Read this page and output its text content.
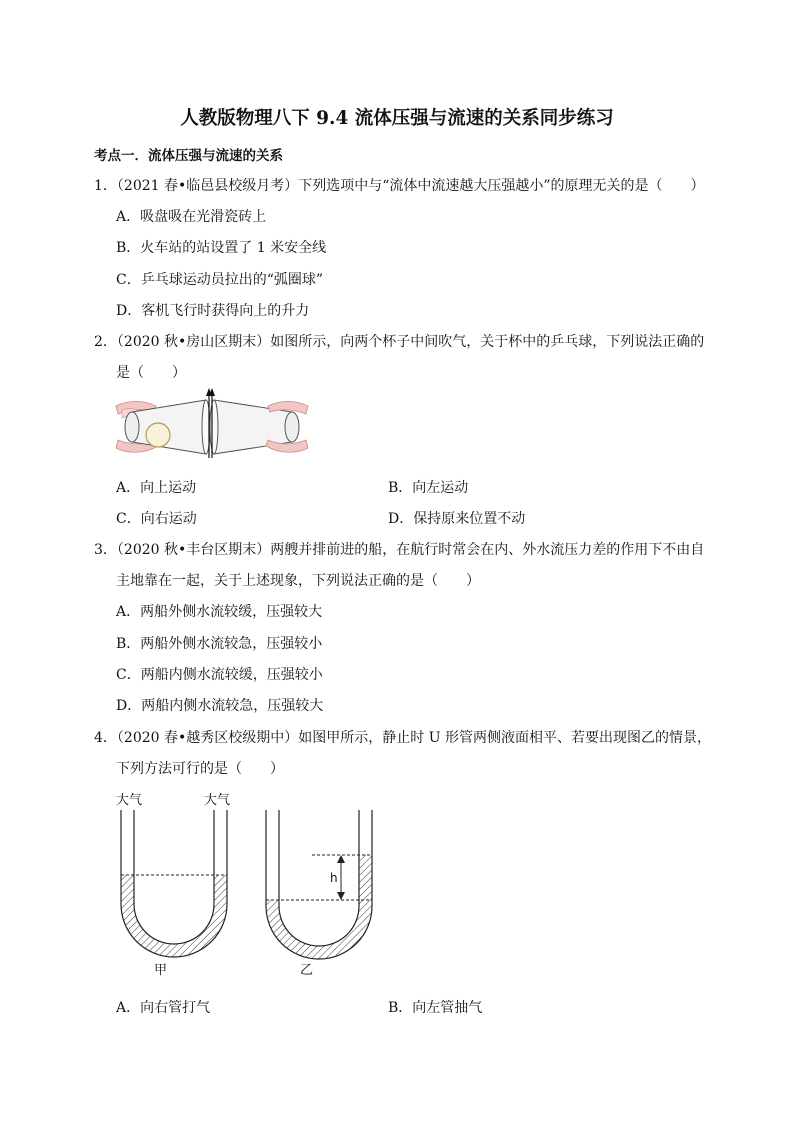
人教版物理八下 9.4 流体压强与流速的关系同步练习
考点一．流体压强与流速的关系
1．（2021 春•临邑县校级月考）下列选项中与“流体中流速越大压强越小”的原理无关的是（　　）
A．吸盘吸在光滑瓷砖上
B．火车站的站设置了 1 米安全线
C．乒乓球运动员拉出的“弧圈球”
D．客机飞行时获得向上的升力
2．（2020 秋•房山区期末）如图所示，向两个杯子中间吹气，关于杯中的乒乓球，下列说法正确的
是（　　）
A．向上运动	B．向左运动
C．向右运动	D．保持原来位置不动
3．（2020 秋•丰台区期末）两艘并排前进的船，在航行时常会在内、外水流压力差的作用下不由自
主地靠在一起，关于上述现象，下列说法正确的是（　　）
A．两船外侧水流较缓，压强较大
B．两船外侧水流较急，压强较小
C．两船内侧水流较缓，压强较小
D．两船内侧水流较急，压强较大
4．（2020 春•越秀区校级期中）如图甲所示，静止时 U 形管两侧液面相平、若要出现图乙的情景，
下列方法可行的是（　　）
大气	大气
甲
h
乙
A．向右管打气	B．向左管抽气
